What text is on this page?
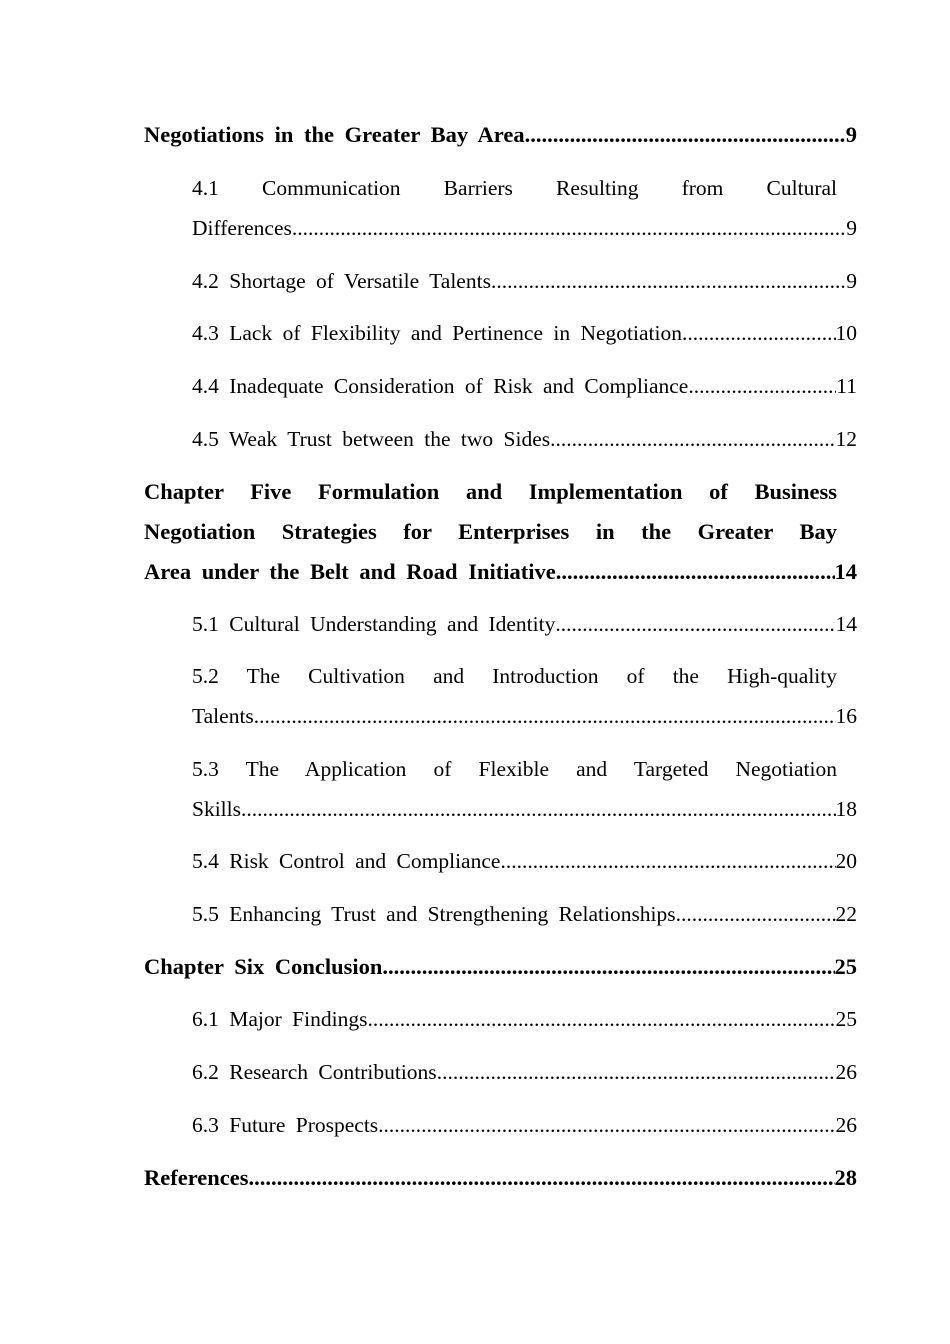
Negotiations in the Greater Bay Area .....	9
4.1 Communication Barriers Resulting from Cultural
Differences .....	9
4.2 Shortage of Versatile Talents .....	9
4.3 Lack of Flexibility and Pertinence in Negotiation .....	10
4.4 Inadequate Consideration of Risk and Compliance .....	11
4.5 Weak Trust between the two Sides .....	12
Chapter Five Formulation and Implementation of Business
Negotiation Strategies for Enterprises in the Greater Bay
Area under the Belt and Road Initiative .....	14
5.1 Cultural Understanding and Identity .....	14
5.2 The Cultivation and Introduction of the High-quality
Talents .....	16
5.3 The Application of Flexible and Targeted Negotiation
Skills .....	18
5.4 Risk Control and Compliance .....	20
5.5 Enhancing Trust and Strengthening Relationships .....	22
Chapter Six Conclusion .....	25
6.1 Major Findings .....	25
6.2 Research Contributions .....	26
6.3 Future Prospects .....	26
References .....	28
